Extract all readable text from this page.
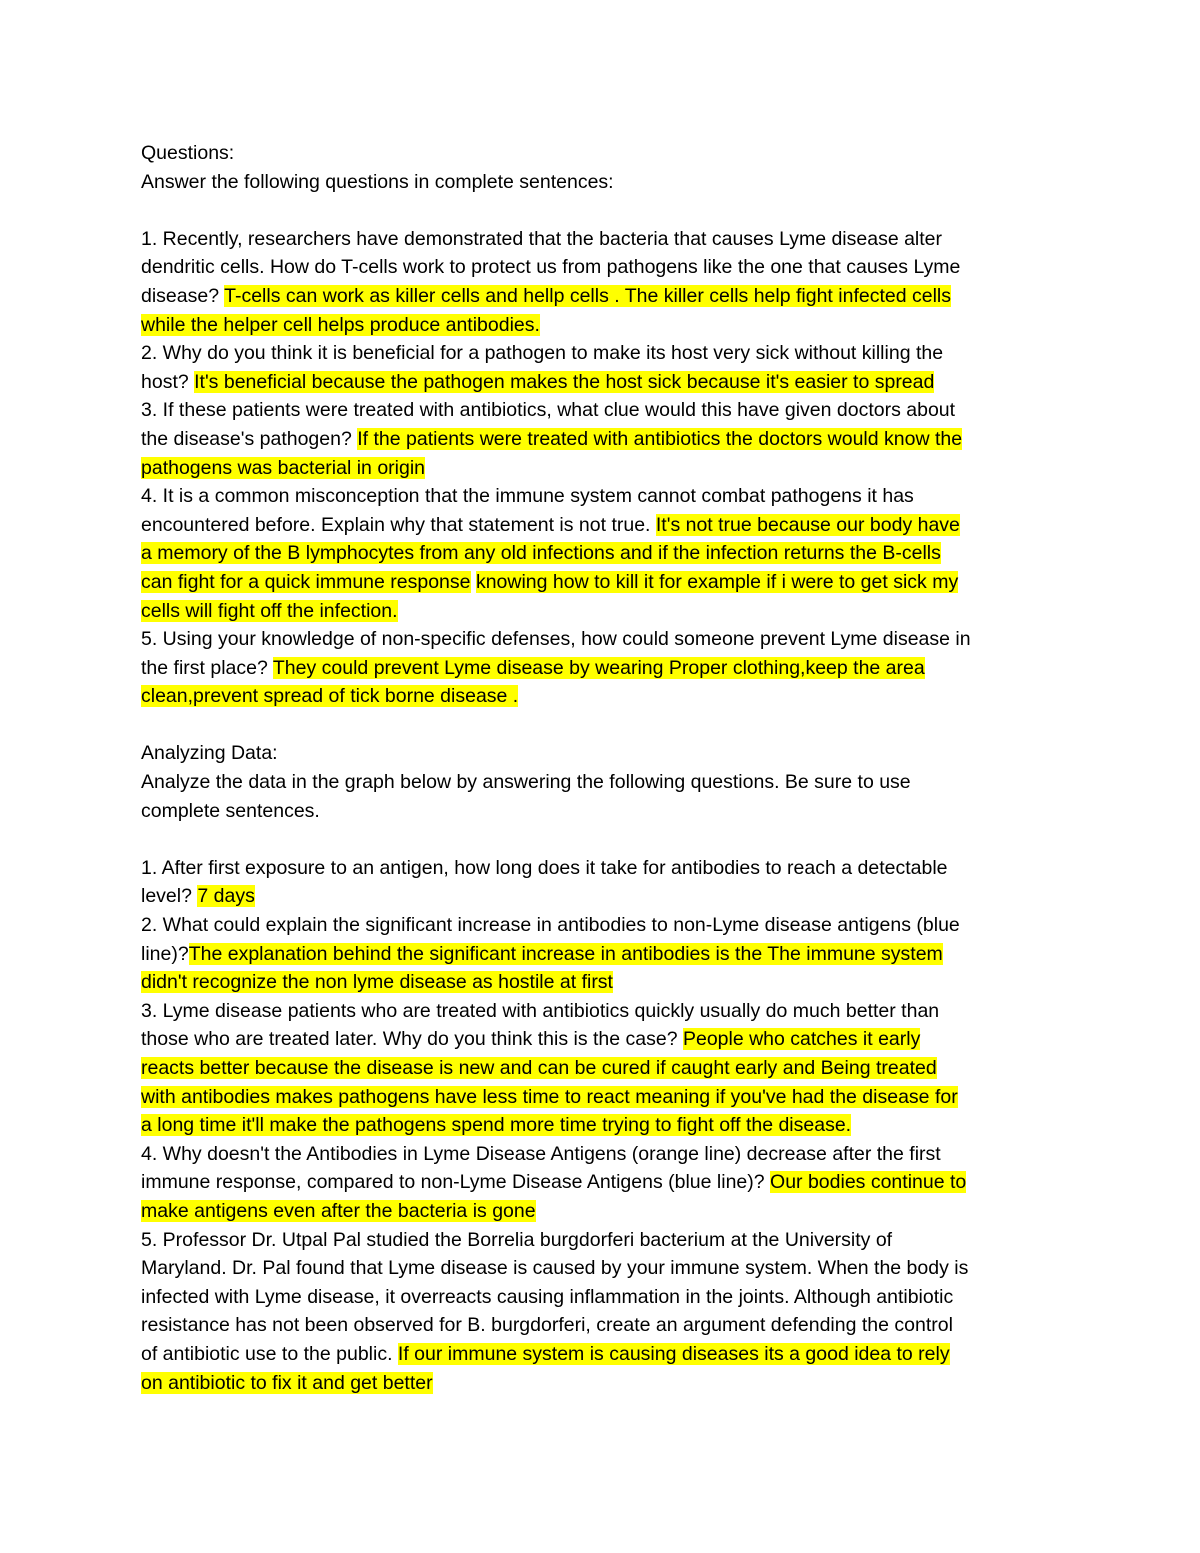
Questions:
Answer the following questions in complete sentences:
1. Recently, researchers have demonstrated that the bacteria that causes Lyme disease alter
dendritic cells. How do T-cells work to protect us from pathogens like the one that causes Lyme
disease? T-cells can work as killer cells and hellp cells . The killer cells help fight infected cells
while the helper cell helps produce antibodies.
2. Why do you think it is beneficial for a pathogen to make its host very sick without killing the
host? It's beneficial because the pathogen makes the host sick because it's easier to spread
3. If these patients were treated with antibiotics, what clue would this have given doctors about
the disease's pathogen? If the patients were treated with antibiotics the doctors would know the
pathogens was bacterial in origin
4. It is a common misconception that the immune system cannot combat pathogens it has
encountered before. Explain why that statement is not true. It's not true because our body have
a memory of the B lymphocytes from any old infections and if the infection returns the B-cells
can fight for a quick immune response knowing how to kill it for example if i were to get sick my
cells will fight off the infection.
5. Using your knowledge of non-specific defenses, how could someone prevent Lyme disease in
the first place? They could prevent Lyme disease by wearing Proper clothing,keep the area
clean,prevent spread of tick borne disease .
Analyzing Data:
Analyze the data in the graph below by answering the following questions. Be sure to use
complete sentences.
1. After first exposure to an antigen, how long does it take for antibodies to reach a detectable
level? 7 days
2. What could explain the significant increase in antibodies to non-Lyme disease antigens (blue
line)?The explanation behind the significant increase in antibodies is the The immune system
didn't recognize the non lyme disease as hostile at first
3. Lyme disease patients who are treated with antibiotics quickly usually do much better than
those who are treated later. Why do you think this is the case? People who catches it early
reacts better because the disease is new and can be cured if caught early and Being treated
with antibodies makes pathogens have less time to react meaning if you've had the disease for
a long time it'll make the pathogens spend more time trying to fight off the disease.
4. Why doesn't the Antibodies in Lyme Disease Antigens (orange line) decrease after the first
immune response, compared to non-Lyme Disease Antigens (blue line)? Our bodies continue to
make antigens even after the bacteria is gone
5. Professor Dr. Utpal Pal studied the Borrelia burgdorferi bacterium at the University of
Maryland. Dr. Pal found that Lyme disease is caused by your immune system. When the body is
infected with Lyme disease, it overreacts causing inflammation in the joints. Although antibiotic
resistance has not been observed for B. burgdorferi, create an argument defending the control
of antibiotic use to the public. If our immune system is causing diseases its a good idea to rely
on antibiotic to fix it and get better
